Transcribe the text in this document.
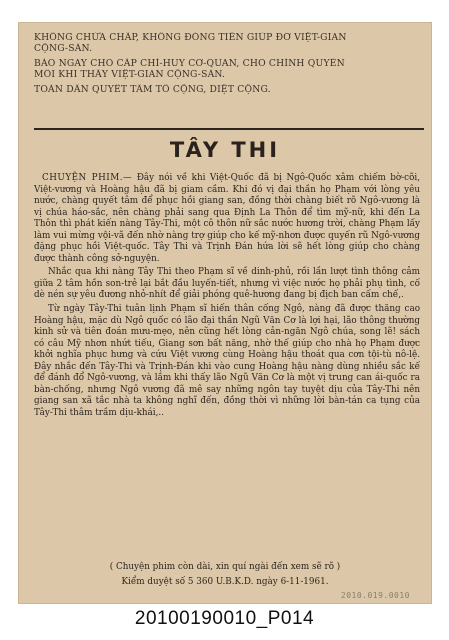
KHÔNG CHỨA CHẤP, KHÔNG ĐÓNG TIỀN GIÚP ĐỠ VIỆT-GIAN
CỘNG-SẢN.
BÁO NGAY CHO CẤP CHỈ-HUY CƠ-QUAN, CHO CHÍNH QUYỀN
MỖI KHI THẤY VIỆT-GIAN CỘNG-SẢN.
TOÀN DÂN QUYẾT TÂM TỐ CỘNG, DIỆT CỘNG.
TÂY THI

CHUYỆN PHIM.— Đây nói về khi Việt-Quốc đã bị Ngô-Quốc xâm chiếm bờ-cõi, Việt-vương và Hoàng hậu đã bị giam cầm. Khi đó vị đại thần họ Phạm với lòng yêu nước, chàng quyết tâm để phục hồi giang san, đồng thời chàng biết rõ Ngô-vương là vị chúa háo-sắc, nên chàng phải sang qua Định La Thôn để tìm mỹ-nữ, khi đến La Thôn thì phát kiến nàng Tây-Thi, một cô thôn nữ sắc nước hương trời, chàng Phạm lấy làm vui mừng vội-vã đến nhờ nàng trợ giúp cho kế mỹ-nhơn được quyến rũ Ngô-vương đặng phục hồi Việt-quốc. Tây Thi và Trịnh Đán hứa lời sẽ hết lòng giúp cho chàng được thành công sở-nguyện.

Nhắc qua khi nàng Tây Thi theo Phạm sĩ về dinh-phủ, rồi lần lượt tình thông cảm giữa 2 tâm hồn son-trẻ lại bắt đầu luyến-tiết, nhưng vì việc nước họ phải phụ tình, cố dè nén sự yêu đương nhỏ-nhít để giải phóng quê-hương đang bị địch ban cấm chế,.

Từ ngày Tây-Thi tuân lịnh Phạm sĩ hiến thân cống Ngô, nàng đã được thăng cao Hoàng hậu, mặc dù Ngô quốc có lão đại thần Ngũ Văn Cơ là lợi hại, lão thông thường kinh sử và tiên đoán mưu-mẹo, nên cũng hết lòng cản-ngăn Ngô chúa, song lẽ! sách có câu Mỹ nhơn nhứt tiếu, Giang sơn bất năng, nhờ thế giúp cho nhà họ Phạm được khởi nghĩa phục hưng và cứu Việt vương cùng Hoàng hậu thoát qua cơn tội-tù nô-lệ. Đây nhắc đến Tây-Thi và Trịnh-Đán khi vào cung Hoàng hậu nàng dùng nhiều sắc kế để đánh đổ Ngô-vương, và lắm khi thấy lão Ngũ Văn Cơ là một vị trung can ái-quốc ra bàn-chống, nhưng Ngô vương đã mê say những ngôn tay tuyệt dịu của Tây-Thi nên giang san xã tắc nhà ta không nghĩ đến, đồng thời vì những lời bàn-tán ca tụng của Tây-Thi thâm trầm dịu-khái,..

( Chuyện phim còn dài, xin quí ngài đến xem sẽ rõ )
Kiểm duyệt số 5 360 U.B.K.D. ngày 6-11-1961.
2010.019.0010
20100190010_P014
